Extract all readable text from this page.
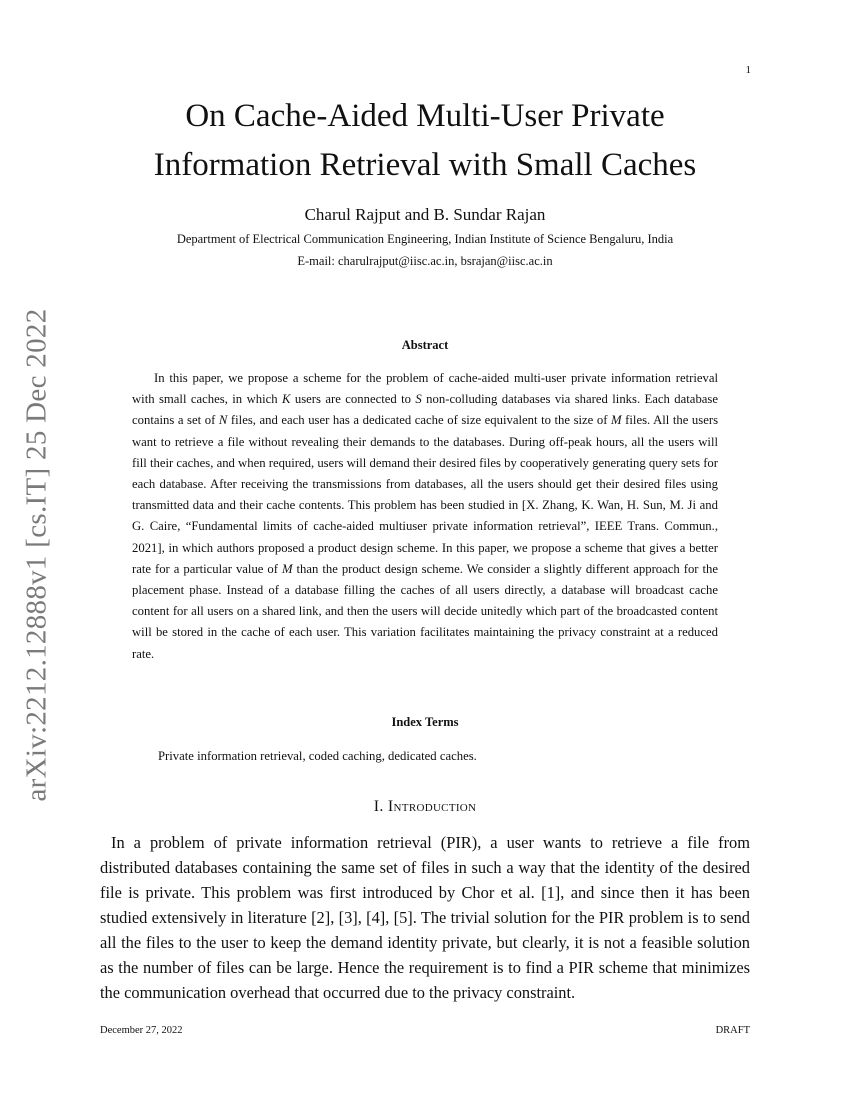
1
arXiv:2212.12888v1 [cs.IT] 25 Dec 2022
On Cache-Aided Multi-User Private
Information Retrieval with Small Caches
Charul Rajput and B. Sundar Rajan
Department of Electrical Communication Engineering, Indian Institute of Science Bengaluru, India
E-mail: charulrajput@iisc.ac.in, bsrajan@iisc.ac.in
Abstract

In this paper, we propose a scheme for the problem of cache-aided multi-user private information retrieval with small caches, in which K users are connected to S non-colluding databases via shared links. Each database contains a set of N files, and each user has a dedicated cache of size equivalent to the size of M files. All the users want to retrieve a file without revealing their demands to the databases. During off-peak hours, all the users will fill their caches, and when required, users will demand their desired files by cooperatively generating query sets for each database. After receiving the transmissions from databases, all the users should get their desired files using transmitted data and their cache contents. This problem has been studied in [X. Zhang, K. Wan, H. Sun, M. Ji and G. Caire, “Fundamental limits of cache-aided multiuser private information retrieval”, IEEE Trans. Commun., 2021], in which authors proposed a product design scheme. In this paper, we propose a scheme that gives a better rate for a particular value of M than the product design scheme. We consider a slightly different approach for the placement phase. Instead of a database filling the caches of all users directly, a database will broadcast cache content for all users on a shared link, and then the users will decide unitedly which part of the broadcasted content will be stored in the cache of each user. This variation facilitates maintaining the privacy constraint at a reduced rate.

Index Terms
Private information retrieval, coded caching, dedicated caches.
I. Introduction

In a problem of private information retrieval (PIR), a user wants to retrieve a file from distributed databases containing the same set of files in such a way that the identity of the desired file is private. This problem was first introduced by Chor et al. [1], and since then it has been studied extensively in literature [2], [3], [4], [5]. The trivial solution for the PIR problem is to send all the files to the user to keep the demand identity private, but clearly, it is not a feasible solution as the number of files can be large. Hence the requirement is to find a PIR scheme that minimizes the communication overhead that occurred due to the privacy constraint.

December 27, 2022	DRAFT
